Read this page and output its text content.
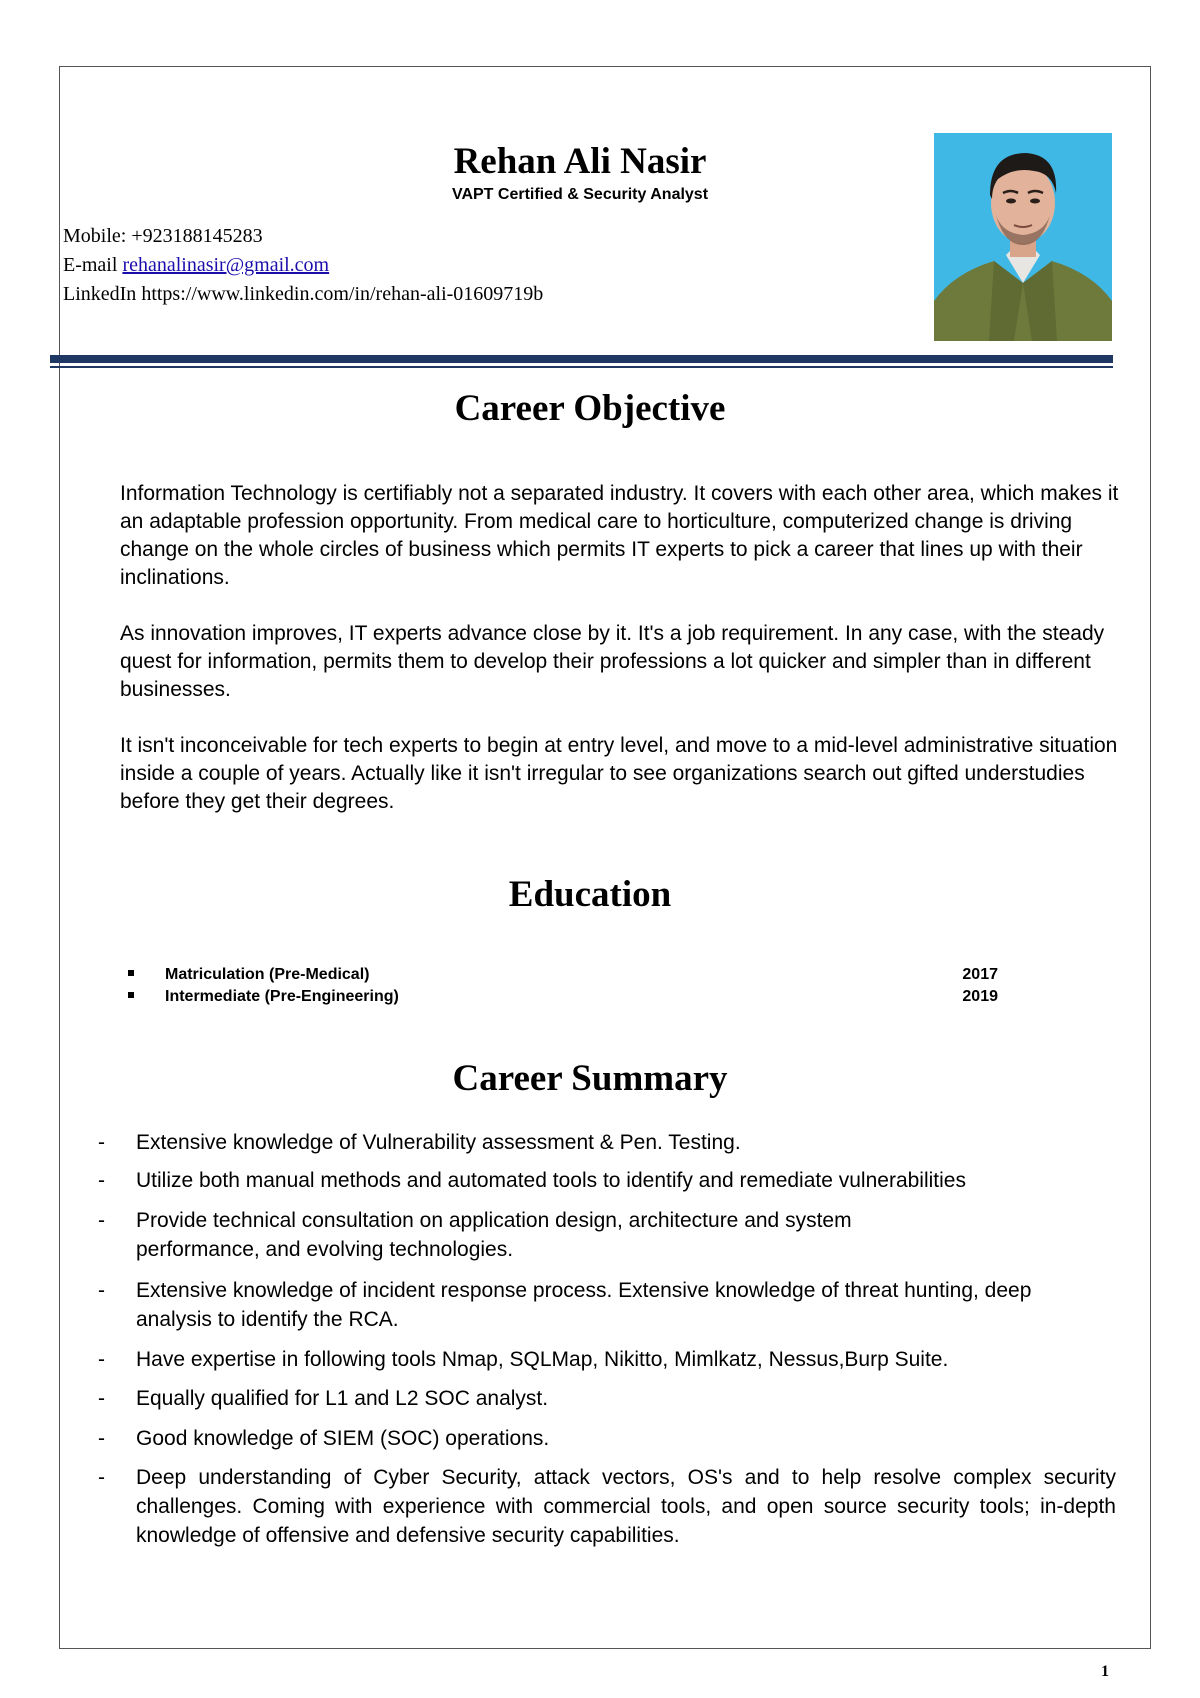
Rehan Ali Nasir
VAPT Certified & Security Analyst
Mobile: +923188145283
E-mail rehanalinasir@gmail.com
LinkedIn https://www.linkedin.com/in/rehan-ali-01609719b
Career Objective
Information Technology is certifiably not a separated industry. It covers with each other area, which makes it an adaptable profession opportunity. From medical care to horticulture, computerized change is driving change on the whole circles of business which permits IT experts to pick a career that lines up with their inclinations.
As innovation improves, IT experts advance close by it. It's a job requirement. In any case, with the steady quest for information, permits them to develop their professions a lot quicker and simpler than in different businesses.
It isn't inconceivable for tech experts to begin at entry level, and move to a mid-level administrative situation inside a couple of years. Actually like it isn't irregular to see organizations search out gifted understudies before they get their degrees.
Education
Matriculation (Pre-Medical)	2017
Intermediate (Pre-Engineering)	2019
Career Summary
- Extensive knowledge of Vulnerability assessment & Pen. Testing.
- Utilize both manual methods and automated tools to identify and remediate vulnerabilities
- Provide technical consultation on application design, architecture and system performance, and evolving technologies.
- Extensive knowledge of incident response process. Extensive knowledge of threat hunting, deep analysis to identify the RCA.
- Have expertise in following tools Nmap, SQLMap, Nikitto, Mimlkatz, Nessus,Burp Suite.
- Equally qualified for L1 and L2 SOC analyst.
- Good knowledge of SIEM (SOC) operations.
- Deep understanding of Cyber Security, attack vectors, OS's and to help resolve complex security challenges. Coming with experience with commercial tools, and open source security tools; in-depth knowledge of offensive and defensive security capabilities.
1
